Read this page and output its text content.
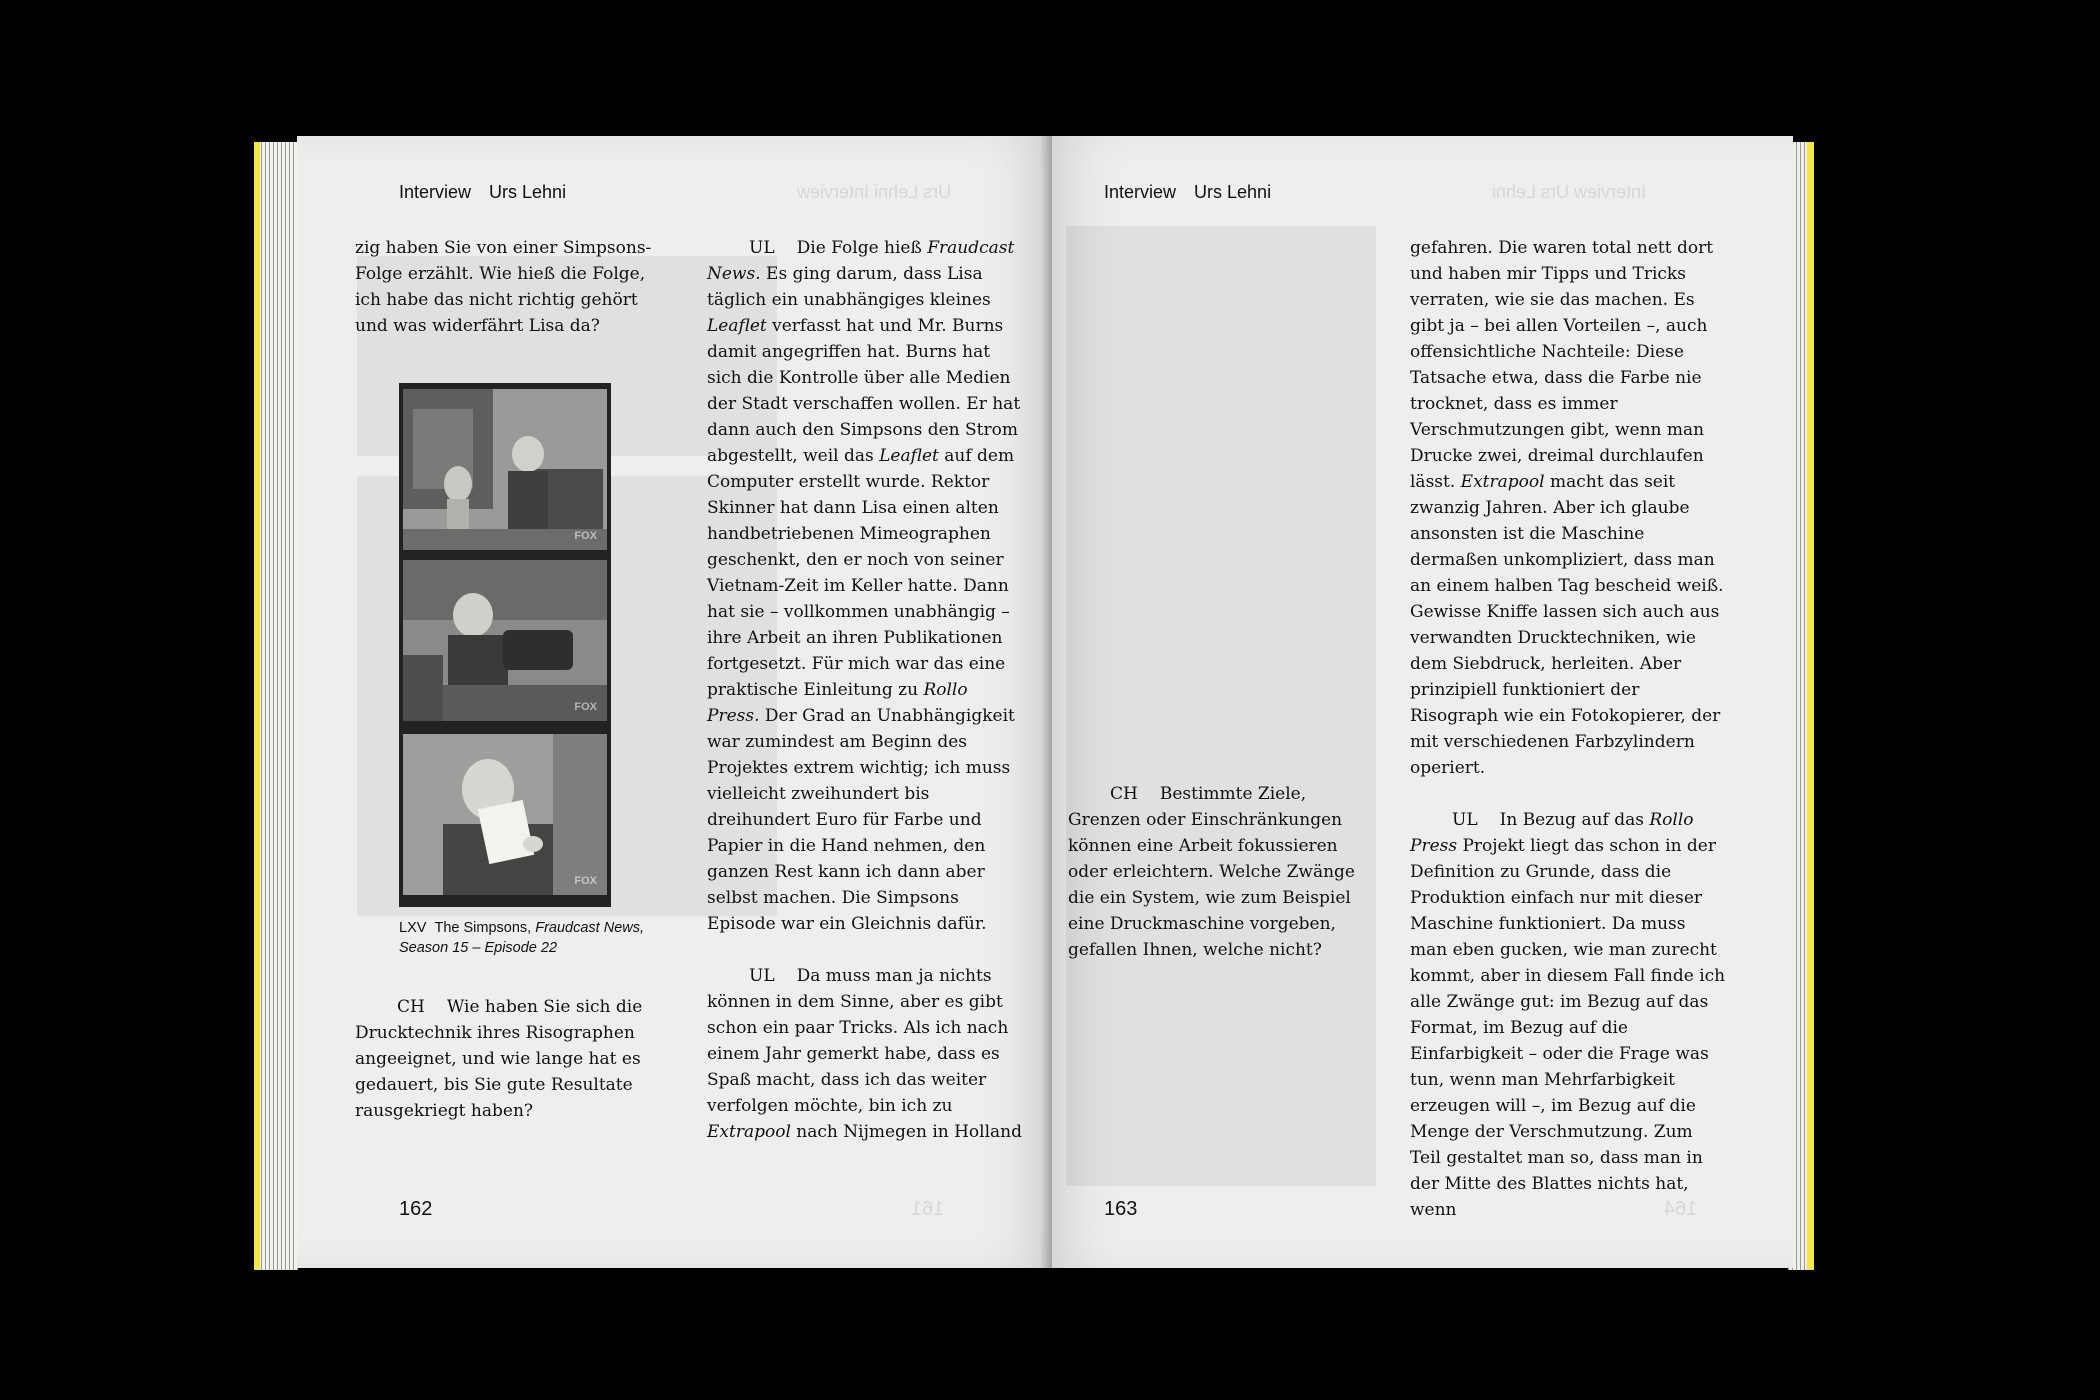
Urs Lehni Interview
161
Interview Urs Lehni

zig haben Sie von einer Simpsons-Folge erzählt. Wie hieß die Folge, ich habe das nicht richtig gehört und was widerfährt Lisa da?

FOX
FOX
FOX
LXV The Simpsons, Fraudcast News,
Season 15 – Episode 22

CH Wie haben Sie sich die Drucktechnik ihres Risographen angeeignet, und wie lange hat es gedauert, bis Sie gute Resultate rausgekriegt haben?

UL Die Folge hieß Fraudcast News. Es ging darum, dass Lisa täglich ein unabhängiges kleines Leaflet verfasst hat und Mr. Burns damit angegriffen hat. Burns hat sich die Kontrolle über alle Medien der Stadt verschaffen wollen. Er hat dann auch den Simpsons den Strom abgestellt, weil das Leaflet auf dem Computer erstellt wurde. Rektor Skinner hat dann Lisa einen alten handbetriebenen Mimeographen geschenkt, den er noch von seiner Vietnam-Zeit im Keller hatte. Dann hat sie – vollkommen unabhängig – ihre Arbeit an ihren Publikationen fortgesetzt. Für mich war das eine praktische Einleitung zu Rollo Press. Der Grad an Unabhängigkeit war zumindest am Beginn des Projektes extrem wichtig; ich muss vielleicht zweihundert bis dreihundert Euro für Farbe und Papier in die Hand nehmen, den ganzen Rest kann ich dann aber selbst machen. Die Simpsons Episode war ein Gleichnis dafür.

UL Da muss man ja nichts können in dem Sinne, aber es gibt schon ein paar Tricks. Als ich nach einem Jahr gemerkt habe, dass es Spaß macht, dass ich das weiter verfolgen möchte, bin ich zu Extrapool nach Nijmegen in Holland

162
Interview Urs Lehni
164
Interview Urs Lehni

CH Bestimmte Ziele, Grenzen oder Einschränkungen können eine Arbeit fokussieren oder erleichtern. Welche Zwänge die ein System, wie zum Beispiel eine Druckmaschine vorgeben, gefallen Ihnen, welche nicht?

gefahren. Die waren total nett dort und haben mir Tipps und Tricks verraten, wie sie das machen. Es gibt ja – bei allen Vorteilen –, auch offensichtliche Nachteile: Diese Tatsache etwa, dass die Farbe nie trocknet, dass es immer Verschmutzungen gibt, wenn man Drucke zwei, dreimal durchlaufen lässt. Extrapool macht das seit zwanzig Jahren. Aber ich glaube ansonsten ist die Maschine dermaßen unkompliziert, dass man an einem halben Tag bescheid weiß. Gewisse Kniffe lassen sich auch aus verwandten Drucktechniken, wie dem Siebdruck, herleiten. Aber prinzipiell funktioniert der Risograph wie ein Fotokopierer, der mit verschiedenen Farbzylindern operiert.

UL In Bezug auf das Rollo Press Projekt liegt das schon in der Definition zu Grunde, dass die Produktion einfach nur mit dieser Maschine funktioniert. Da muss man eben gucken, wie man zurecht kommt, aber in diesem Fall finde ich alle Zwänge gut: im Bezug auf das Format, im Bezug auf die Einfarbigkeit – oder die Frage was tun, wenn man Mehrfarbigkeit erzeugen will –, im Bezug auf die Menge der Verschmutzung. Zum Teil gestaltet man so, dass man in der Mitte des Blattes nichts hat, wenn

163
